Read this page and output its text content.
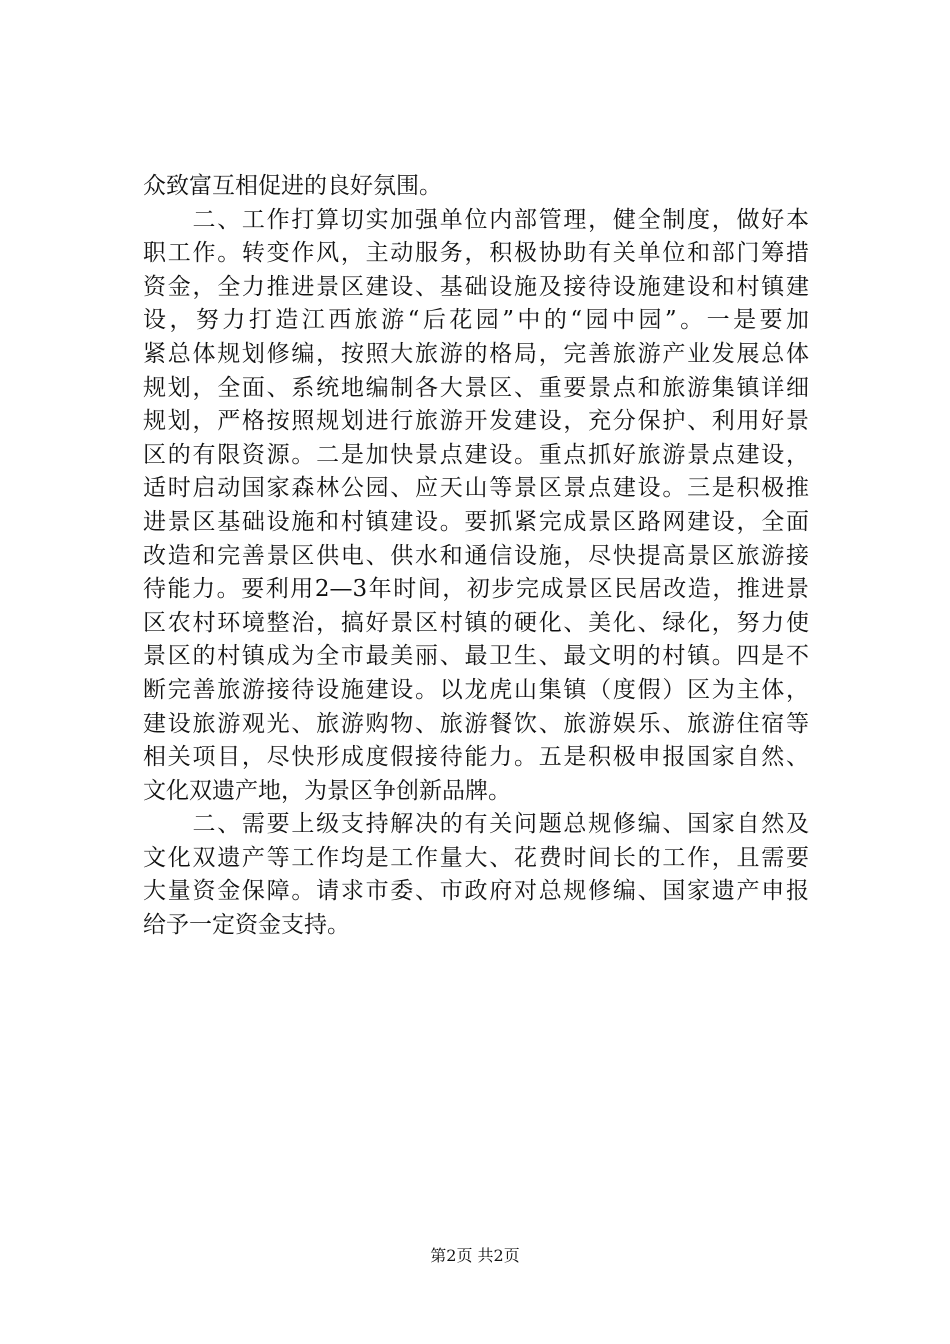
众致富互相促进的良好氛围。
　　二、工作打算切实加强单位内部管理，健全制度，做好本
职工作。转变作风，主动服务，积极协助有关单位和部门筹措
资金，全力推进景区建设、基础设施及接待设施建设和村镇建
设，努力打造江西旅游“后花园”中的“园中园”。一是要加
紧总体规划修编，按照大旅游的格局，完善旅游产业发展总体
规划，全面、系统地编制各大景区、重要景点和旅游集镇详细
规划，严格按照规划进行旅游开发建设，充分保护、利用好景
区的有限资源。二是加快景点建设。重点抓好旅游景点建设，
适时启动国家森林公园、应天山等景区景点建设。三是积极推
进景区基础设施和村镇建设。要抓紧完成景区路网建设，全面
改造和完善景区供电、供水和通信设施，尽快提高景区旅游接
待能力。要利用2—3年时间，初步完成景区民居改造，推进景
区农村环境整治，搞好景区村镇的硬化、美化、绿化，努力使
景区的村镇成为全市最美丽、最卫生、最文明的村镇。四是不
断完善旅游接待设施建设。以龙虎山集镇（度假）区为主体，
建设旅游观光、旅游购物、旅游餐饮、旅游娱乐、旅游住宿等
相关项目，尽快形成度假接待能力。五是积极申报国家自然、
文化双遗产地，为景区争创新品牌。
　　二、需要上级支持解决的有关问题总规修编、国家自然及
文化双遗产等工作均是工作量大、花费时间长的工作，且需要
大量资金保障。请求市委、市政府对总规修编、国家遗产申报
给予一定资金支持。
第2页 共2页
